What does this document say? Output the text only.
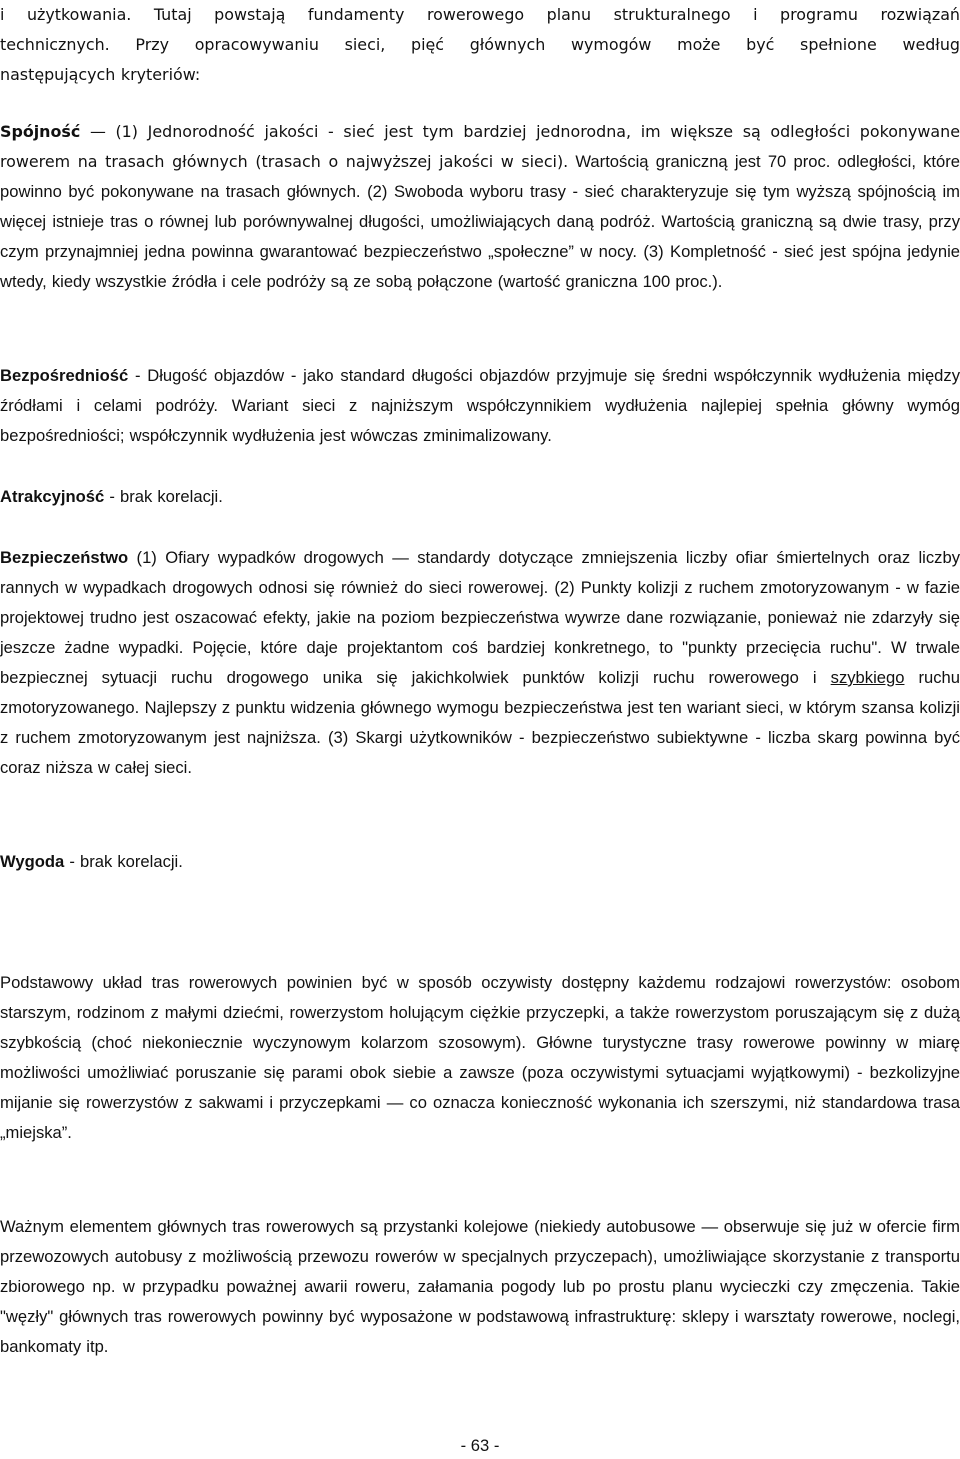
i użytkowania. Tutaj powstają fundamenty rowerowego planu strukturalnego i programu rozwiązań
technicznych. Przy opracowywaniu sieci, pięć głównych wymogów może być spełnione według
następujących kryteriów:

Spójność — (1) Jednorodność jakości - sieć jest tym bardziej jednorodna, im większe są odległości pokonywane rowerem na trasach głównych (trasach o najwyższej jakości w sieci). Wartością graniczną jest 70 proc. odległości, które powinno być pokonywane na trasach głównych. (2) Swoboda wyboru trasy - sieć charakteryzuje się tym wyższą spójnością im więcej istnieje tras o równej lub porównywalnej długości, umożliwiających daną podróż. Wartością graniczną są dwie trasy, przy czym przynajmniej jedna powinna gwarantować bezpieczeństwo „społeczne” w nocy. (3) Kompletność - sieć jest spójna jedynie wtedy, kiedy wszystkie źródła i cele podróży są ze sobą połączone (wartość graniczna 100 proc.).

Bezpośredniość - Długość objazdów - jako standard długości objazdów przyjmuje się średni współczynnik wydłużenia między źródłami i celami podróży. Wariant sieci z najniższym współczynnikiem wydłużenia najlepiej spełnia główny wymóg bezpośredniości; współczynnik wydłużenia jest wówczas zminimalizowany.

Atrakcyjność - brak korelacji.

Bezpieczeństwo (1) Ofiary wypadków drogowych — standardy dotyczące zmniejszenia liczby ofiar śmiertelnych oraz liczby rannych w wypadkach drogowych odnosi się również do sieci rowerowej. (2) Punkty kolizji z ruchem zmotoryzowanym - w fazie projektowej trudno jest oszacować efekty, jakie na poziom bezpieczeństwa wywrze dane rozwiązanie, ponieważ nie zdarzyły się jeszcze żadne wypadki. Pojęcie, które daje projektantom coś bardziej konkretnego, to "punkty przecięcia ruchu". W trwale bezpiecznej sytuacji ruchu drogowego unika się jakichkolwiek punktów kolizji ruchu rowerowego i szybkiego ruchu zmotoryzowanego. Najlepszy z punktu widzenia głównego wymogu bezpieczeństwa jest ten wariant sieci, w którym szansa kolizji z ruchem zmotoryzowanym jest najniższa. (3) Skargi użytkowników - bezpieczeństwo subiektywne - liczba skarg powinna być coraz niższa w całej sieci.

Wygoda - brak korelacji.

Podstawowy układ tras rowerowych powinien być w sposób oczywisty dostępny każdemu rodzajowi rowerzystów: osobom starszym, rodzinom z małymi dziećmi, rowerzystom holującym ciężkie przyczepki, a także rowerzystom poruszającym się z dużą szybkością (choć niekoniecznie wyczynowym kolarzom szosowym). Główne turystyczne trasy rowerowe powinny w miarę możliwości umożliwiać poruszanie się parami obok siebie a zawsze (poza oczywistymi sytuacjami wyjątkowymi) - bezkolizyjne mijanie się rowerzystów z sakwami i przyczepkami — co oznacza konieczność wykonania ich szerszymi, niż standardowa trasa „miejska”.

Ważnym elementem głównych tras rowerowych są przystanki kolejowe (niekiedy autobusowe — obserwuje się już w ofercie firm przewozowych autobusy z możliwością przewozu rowerów w specjalnych przyczepach), umożliwiające skorzystanie z transportu zbiorowego np. w przypadku poważnej awarii roweru, załamania pogody lub po prostu planu wycieczki czy zmęczenia. Takie "węzły" głównych tras rowerowych powinny być wyposażone w podstawową infrastrukturę: sklepy i warsztaty rowerowe, noclegi, bankomaty itp.

- 63 -
